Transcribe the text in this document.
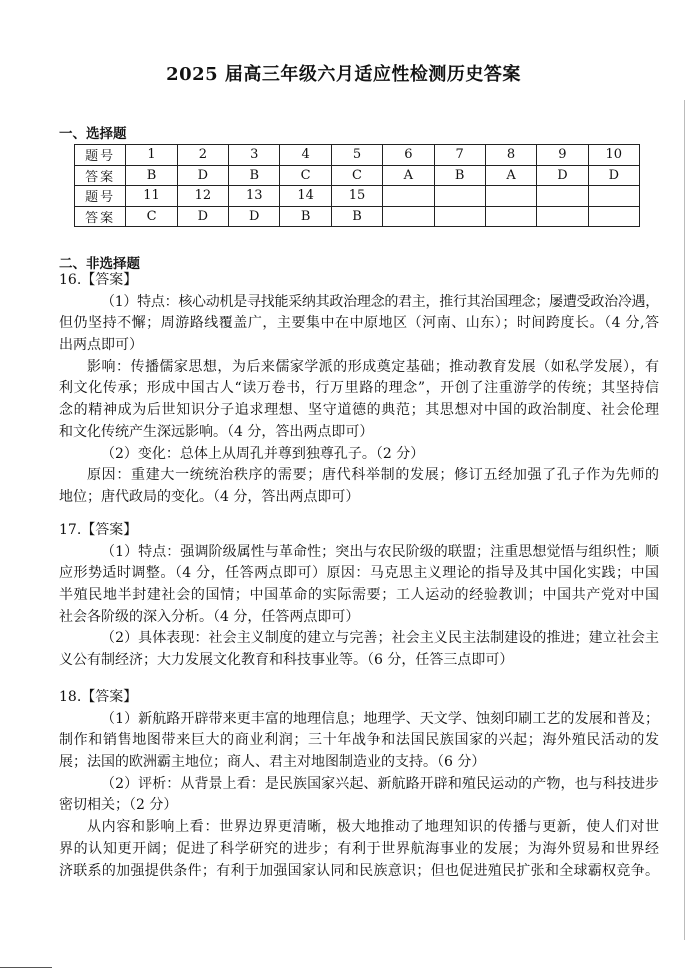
2025 届高三年级六月适应性检测历史答案
一、选择题
题号	1	2	3	4	5	6	7	8	9	10
答案	B	D	B	C	C	A	B	A	D	D
题号	11	12	13	14	15					
答案	C	D	D	B	B					
二、非选择题
16.【答案】
（1）特点：核心动机是寻找能采纳其政治理念的君主，推行其治国理念；屡遭受政治冷遇，
但仍坚持不懈；周游路线覆盖广，主要集中在中原地区（河南、山东）；时间跨度长。（4 分,答
出两点即可）
影响：传播儒家思想，为后来儒家学派的形成奠定基础；推动教育发展（如私学发展），有
利文化传承；形成中国古人“读万卷书，行万里路的理念”，开创了注重游学的传统；其坚持信
念的精神成为后世知识分子追求理想、坚守道德的典范；其思想对中国的政治制度、社会伦理
和文化传统产生深远影响。（4 分，答出两点即可）
（2）变化：总体上从周孔并尊到独尊孔子。（2 分）
原因：重建大一统统治秩序的需要；唐代科举制的发展；修订五经加强了孔子作为先师的
地位；唐代政局的变化。（4 分，答出两点即可）
17.【答案】
（1）特点：强调阶级属性与革命性；突出与农民阶级的联盟；注重思想觉悟与组织性；顺
应形势适时调整。（4 分，任答两点即可）原因：马克思主义理论的指导及其中国化实践；中国
半殖民地半封建社会的国情；中国革命的实际需要；工人运动的经验教训；中国共产党对中国
社会各阶级的深入分析。（4 分，任答两点即可）
（2）具体表现：社会主义制度的建立与完善；社会主义民主法制建设的推进；建立社会主
义公有制经济；大力发展文化教育和科技事业等。（6 分，任答三点即可）
18.【答案】
（1）新航路开辟带来更丰富的地理信息；地理学、天文学、蚀刻印刷工艺的发展和普及；
制作和销售地图带来巨大的商业利润；三十年战争和法国民族国家的兴起；海外殖民活动的发
展；法国的欧洲霸主地位；商人、君主对地图制造业的支持。（6 分）
（2）评析：从背景上看：是民族国家兴起、新航路开辟和殖民运动的产物，也与科技进步
密切相关；（2 分）
从内容和影响上看：世界边界更清晰，极大地推动了地理知识的传播与更新，使人们对世
界的认知更开阔；促进了科学研究的进步；有利于世界航海事业的发展；为海外贸易和世界经
济联系的加强提供条件；有利于加强国家认同和民族意识；但也促进殖民扩张和全球霸权竞争。
